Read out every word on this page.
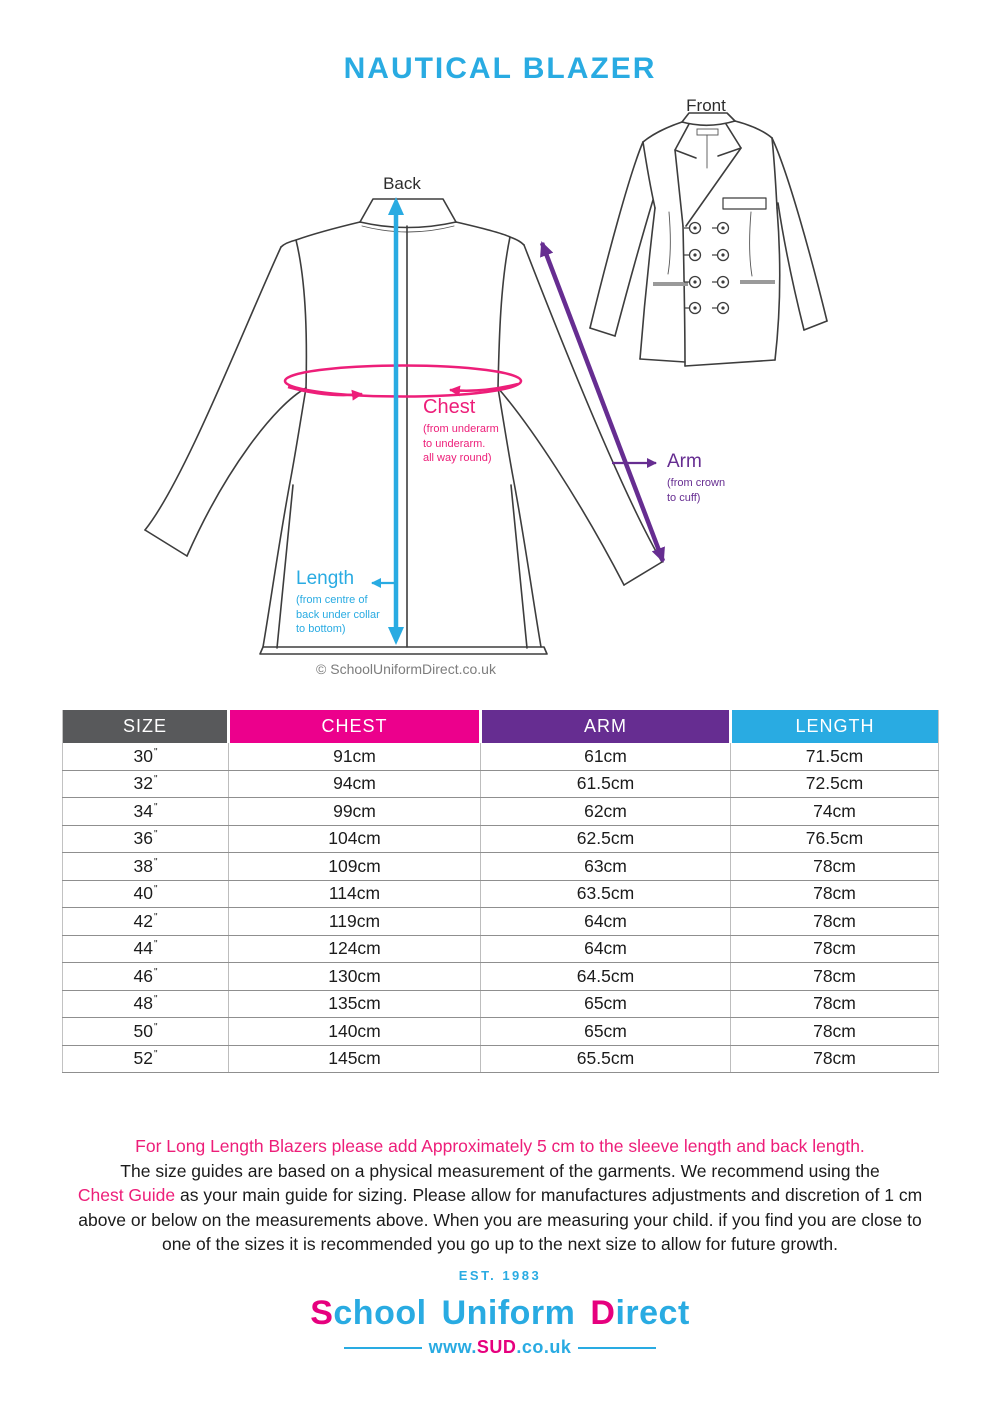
NAUTICAL BLAZER
Front
Back
Chest
(from underarm
to underarm.
all way round)	Arm
(from crown
to cuff)
Length
(from centre of
back under collar
to bottom)
© SchoolUniformDirect.co.uk
SIZE	CHEST	ARM	LENGTH
30"	91cm	61cm	71.5cm
32"	94cm	61.5cm	72.5cm
34"	99cm	62cm	74cm
36"	104cm	62.5cm	76.5cm
38"	109cm	63cm	78cm
40"	114cm	63.5cm	78cm
42"	119cm	64cm	78cm
44"	124cm	64cm	78cm
46"	130cm	64.5cm	78cm
48"	135cm	65cm	78cm
50"	140cm	65cm	78cm
52"	145cm	65.5cm	78cm
For Long Length Blazers please add Approximately 5 cm to the sleeve length and back length.
The size guides are based on a physical measurement of the garments. We recommend using the
Chest Guide as your main guide for sizing. Please allow for manufactures adjustments and discretion of 1 cm
above or below on the measurements above. When you are measuring your child. if you find you are close to
one of the sizes it is recommended you go up to the next size to allow for future growth.
EST. 1983
School Uniform Direct
www. SUD .co.uk
